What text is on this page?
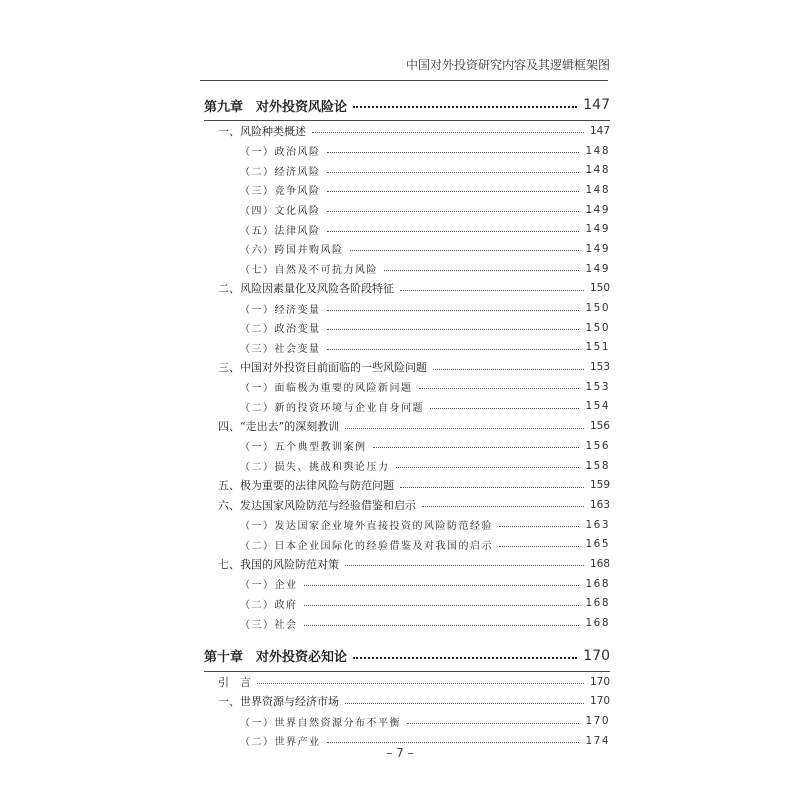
中国对外投资研究内容及其逻辑框架图
第九章　对外投资风险论	147
一、风险种类概述	147
（一）政治风险	148
（二）经济风险	148
（三）竞争风险	148
（四）文化风险	149
（五）法律风险	149
（六）跨国并购风险	149
（七）自然及不可抗力风险	149
二、风险因素量化及风险各阶段特征	150
（一）经济变量	150
（二）政治变量	150
（三）社会变量	151
三、中国对外投资目前面临的一些风险问题	153
（一）面临极为重要的风险新问题	153
（二）新的投资环境与企业自身问题	154
四、“走出去”的深刻教训	156
（一）五个典型教训案例	156
（二）损失、挑战和舆论压力	158
五、极为重要的法律风险与防范问题	159
六、发达国家风险防范与经验借鉴和启示	163
（一）发达国家企业境外直接投资的风险防范经验	163
（二）日本企业国际化的经验借鉴及对我国的启示	165
七、我国的风险防范对策	168
（一）企业	168
（二）政府	168
（三）社会	168
第十章　对外投资必知论	170
引　言	170
一、世界资源与经济市场	170
（一）世界自然资源分布不平衡	170
（二）世界产业	174
– 7 –
